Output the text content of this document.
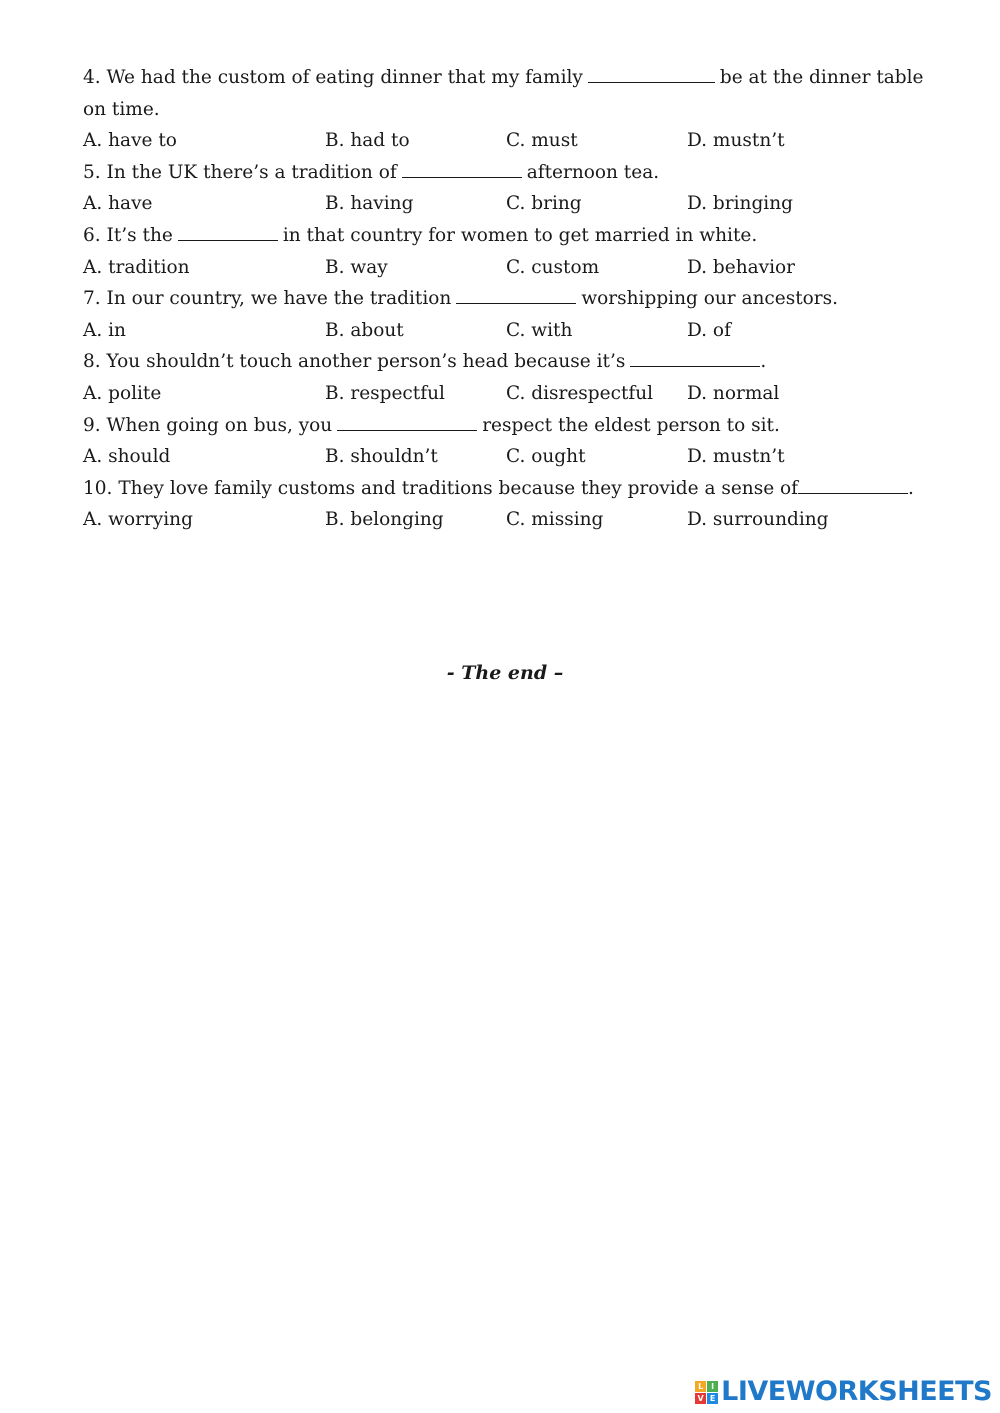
4. We had the custom of eating dinner that my family	be at the dinner table on time.

A. have to	B. had to	C. must	D. mustn’t

5. In the UK there’s a tradition of	afternoon tea.

A. have	B. having	C. bring	D. bringing

6. It’s the	in that country for women to get married in white.

A. tradition	B. way	C. custom	D. behavior

7. In our country, we have the tradition	worshipping our ancestors.

A. in	B. about	C. with	D. of

8. You shouldn’t touch another person’s head because it’s	.

A. polite	B. respectful	C. disrespectful D. normal

9. When going on bus, you	respect the eldest person to sit.

A. should	B. shouldn’t	C. ought	D. mustn’t

10. They love family customs and traditions because they provide a sense of	.

A. worrying	B. belonging	C. missing	D. surrounding
- The end –
L I
V E LIVEWORKSHEETS
